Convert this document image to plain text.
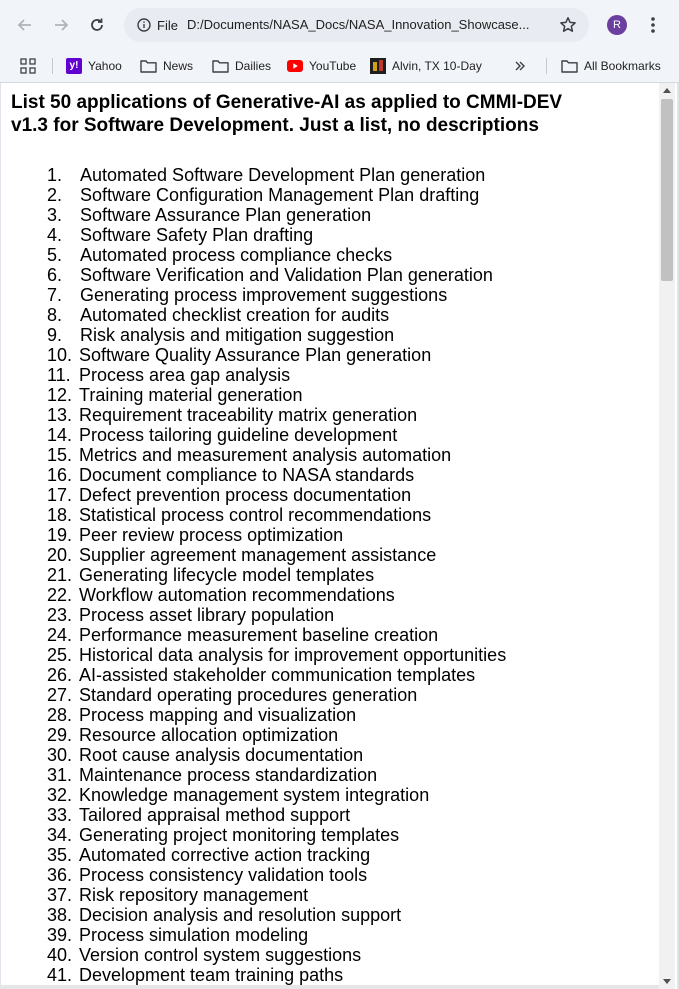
File D:/Documents/NASA_Docs/NASA_Innovation_Showcase...	R
y! Yahoo	News	Dailies	YouTube	Alvin, TX 10-Day	All Bookmarks
List 50 applications of Generative-AI as applied to CMMI-DEV
v1.3 for Software Development. Just a list, no descriptions
1. Automated Software Development Plan generation
2. Software Configuration Management Plan drafting
3. Software Assurance Plan generation
4. Software Safety Plan drafting
5. Automated process compliance checks
6. Software Verification and Validation Plan generation
7. Generating process improvement suggestions
8. Automated checklist creation for audits
9. Risk analysis and mitigation suggestion
10. Software Quality Assurance Plan generation
11. Process area gap analysis
12. Training material generation
13. Requirement traceability matrix generation
14. Process tailoring guideline development
15. Metrics and measurement analysis automation
16. Document compliance to NASA standards
17. Defect prevention process documentation
18. Statistical process control recommendations
19. Peer review process optimization
20. Supplier agreement management assistance
21. Generating lifecycle model templates
22. Workflow automation recommendations
23. Process asset library population
24. Performance measurement baseline creation
25. Historical data analysis for improvement opportunities
26. AI-assisted stakeholder communication templates
27. Standard operating procedures generation
28. Process mapping and visualization
29. Resource allocation optimization
30. Root cause analysis documentation
31. Maintenance process standardization
32. Knowledge management system integration
33. Tailored appraisal method support
34. Generating project monitoring templates
35. Automated corrective action tracking
36. Process consistency validation tools
37. Risk repository management
38. Decision analysis and resolution support
39. Process simulation modeling
40. Version control system suggestions
41. Development team training paths
